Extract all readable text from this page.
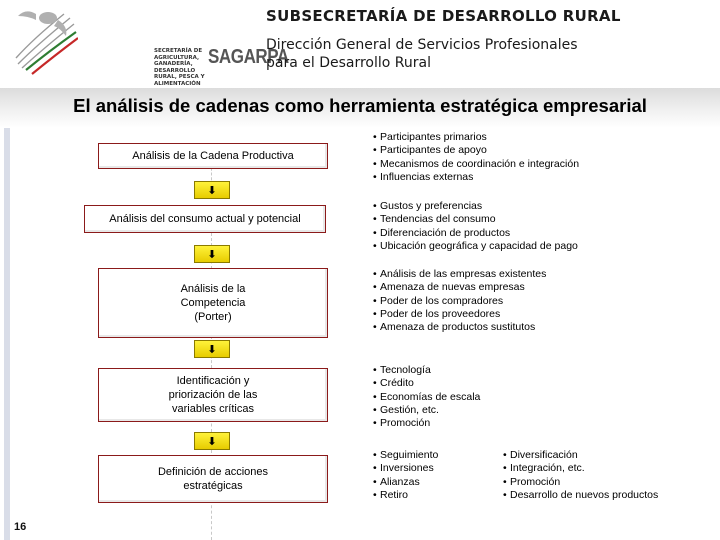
SECRETARÍA DE
AGRICULTURA, GANADERÍA,
DESARROLLO RURAL, PESCA Y ALIMENTACIÓN
SAGARPA
SUBSECRETARÍA DE DESARROLLO RURAL
Dirección General de Servicios Profesionales
para el Desarrollo Rural
El análisis de cadenas como herramienta estratégica empresarial
Análisis de la Cadena Productiva
Análisis del consumo actual y potencial
Análisis de la
Competencia
(Porter)
Identificación y
priorización de las
variables críticas
Definición de acciones
estratégicas
⬇
⬇
⬇
⬇
• Participantes primarios
• Participantes de apoyo
• Mecanismos de coordinación e integración
• Influencias externas
• Gustos y preferencias
• Tendencias del consumo
• Diferenciación de productos
• Ubicación geográfica y capacidad de pago
• Análisis de las empresas existentes
• Amenaza de nuevas empresas
• Poder de los compradores
• Poder de los proveedores
• Amenaza de productos sustitutos
• Tecnología
• Crédito
• Economías de escala
• Gestión, etc.
• Promoción
• Seguimiento
• Inversiones
• Alianzas
• Retiro
• Diversificación
• Integración, etc.
• Promoción
• Desarrollo de nuevos productos
16
